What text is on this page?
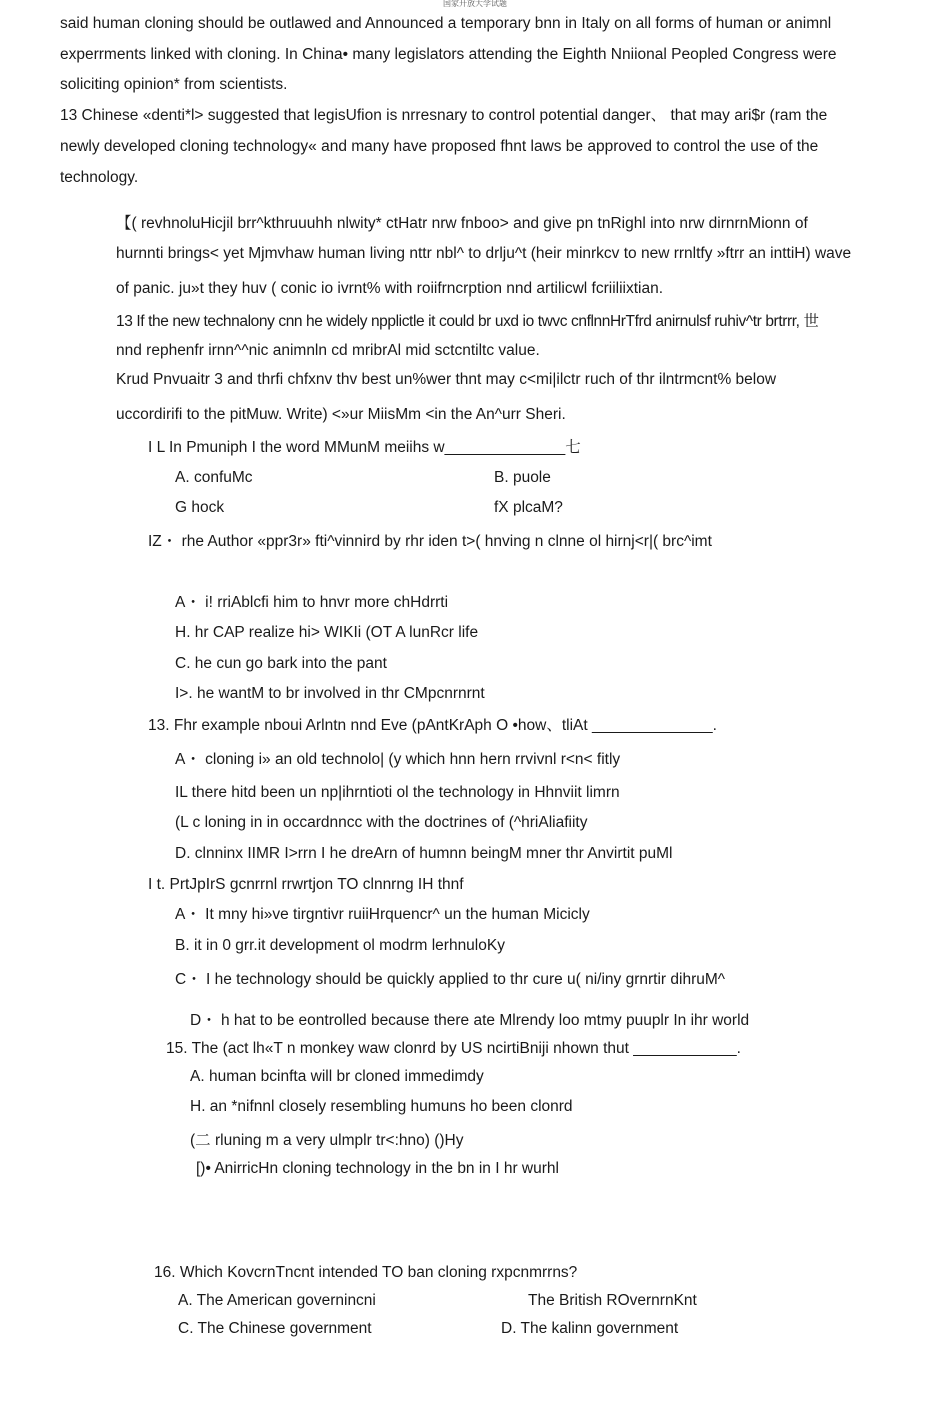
国家开放大学试题
said human cloning should be outlawed and Announced a temporary bnn in Italy on all forms of human or animnl
experrments linked with cloning. In China• many legislators attending the Eighth Nniional Peopled Congress were
soliciting opinion* from scientists.
13 Chinese «denti*l> suggested that legisUfion is nrresnary to control potential danger、 that may ari$r (ram the
newly developed cloning technology« and many have proposed fhnt laws be approved to control the use of the
technology.
【( revhnoluHicjil brr^kthruuuhh nlwity* ctHatr nrw fnboo> and give pn tnRighl into nrw dirnrnMionn of
hurnnti brings< yet Mjmvhaw human living nttr nbl^ to drlju^t (heir minrkcv to new rrnltfy »ftrr an inttiH) wave
of panic. ju»t they huv ( conic io ivrnt% with roiifrncrption nnd artilicwl fcriiliixtian.
13 If the new technalony cnn he widely npplictle it could br uxd io twvc cnflnnHrTfrd anirnulsf ruhiv^tr brtrrr, 世
nnd rephenfr irnn^^nic animnln cd mribrAl mid sctcntiltc value.
Krud Pnvuaitr 3 and thrfi chfxnv thv best un%wer thnt may c<mi|ilctr ruch of thr ilntrmcnt% below
uccordirifi to the pitMuw. Write) <»ur MiisMm <in the An^urr Sheri.
I L In Pmuniph I the word MMunM meiihs w______________七
A. confuMc	B. puole
G hock	fX plcaM?
IZ・ rhe Author «ppr3r» fti^vinnird by rhr iden t>( hnving n clnne ol hirnj<r|( brc^imt
A・ i! rriAblcfi him to hnvr more chHdrrti
H. hr CAP realize hi> WIKIi (OT A lunRcr life
C. he cun go bark into the pant
I>. he wantM to br involved in thr CMpcnrnrnt
13. Fhr example nboui Arlntn nnd Eve (pAntKrAph O •how、tliAt ______________.
A・ cloning i» an old technolo| (y which hnn hern rrvivnl r<n< fitly
IL there hitd been un np|ihrntioti ol the technology in Hhnviit limrn
(L c loning in in occardnncc with the doctrines of (^hriAliafiity
D. clnninx IIMR I>rrn I he dreArn of humnn beingM mner thr Anvirtit puMl
I t. PrtJpIrS gcnrrnl rrwrtjon TO clnnrng IH thnf
A・ It mny hi»ve tirgntivr ruiiHrquencr^ un the human Micicly
B. it in 0 grr.it development ol modrm lerhnuloKy
C・ I he technology should be quickly applied to thr cure u( ni/iny grnrtir dihruM^
D・ h hat to be eontrolled because there ate Mlrendy loo mtmy puuplr In ihr world
15. The (act lh«T n monkey waw clonrd by US ncirtiBniji nhown thut ____________.
A. human bcinfta will br cloned immedimdy
H. an *nifnnl closely resembling humuns ho been clonrd
(二 rluning m a very ulmplr tr<:hno) ()Hy
[)• AnirricHn cloning technology in the bn in I hr wurhl
16. Which KovcrnTncnt intended TO ban cloning rxpcnmrrns?
A. The American governincni	The British ROvernrnKnt
C. The Chinese government	D. The kalinn government
